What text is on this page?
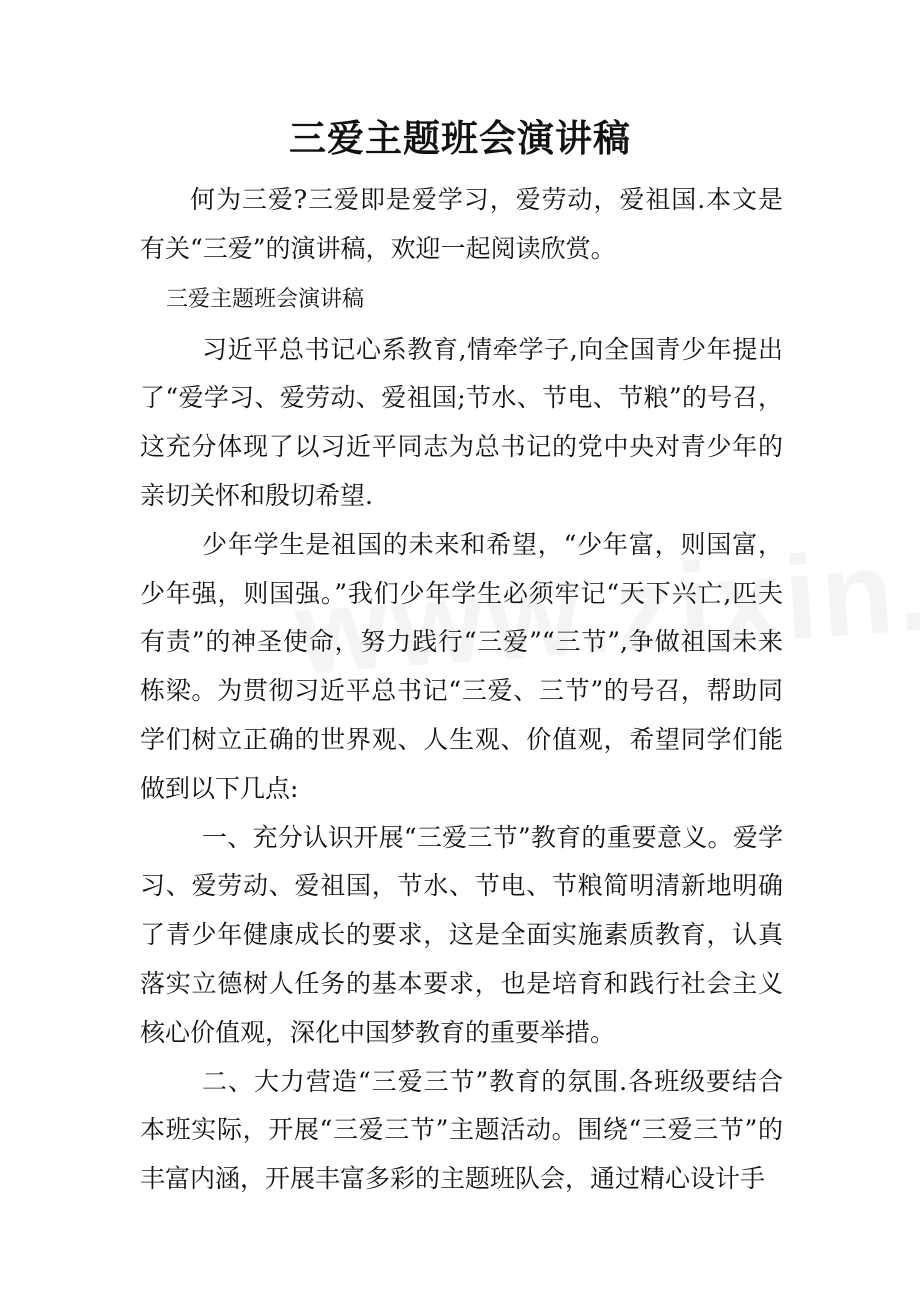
三爱主题班会演讲稿

何为三爱?三爱即是爱学习，爱劳动，爱祖国.本文是有关“三爱”的演讲稿，欢迎一起阅读欣赏。

三爱主题班会演讲稿

习近平总书记心系教育,情牵学子,向全国青少年提出了“爱学习、爱劳动、爱祖国;节水、节电、节粮”的号召，这充分体现了以习近平同志为总书记的党中央对青少年的亲切关怀和殷切希望.

少年学生是祖国的未来和希望，“少年富，则国富，少年强，则国强。”我们少年学生必须牢记“天下兴亡,匹夫有责”的神圣使命，努力践行“三爱”“三节”,争做祖国未来栋梁。为贯彻习近平总书记“三爱、三节”的号召，帮助同学们树立正确的世界观、人生观、价值观，希望同学们能做到以下几点:

一、充分认识开展“三爱三节”教育的重要意义。爱学习、爱劳动、爱祖国，节水、节电、节粮简明清新地明确了青少年健康成长的要求，这是全面实施素质教育，认真落实立德树人任务的基本要求，也是培育和践行社会主义核心价值观，深化中国梦教育的重要举措。

二、大力营造“三爱三节”教育的氛围.各班级要结合本班实际，开展“三爱三节”主题活动。围绕“三爱三节”的丰富内涵，开展丰富多彩的主题班队会，通过精心设计手
